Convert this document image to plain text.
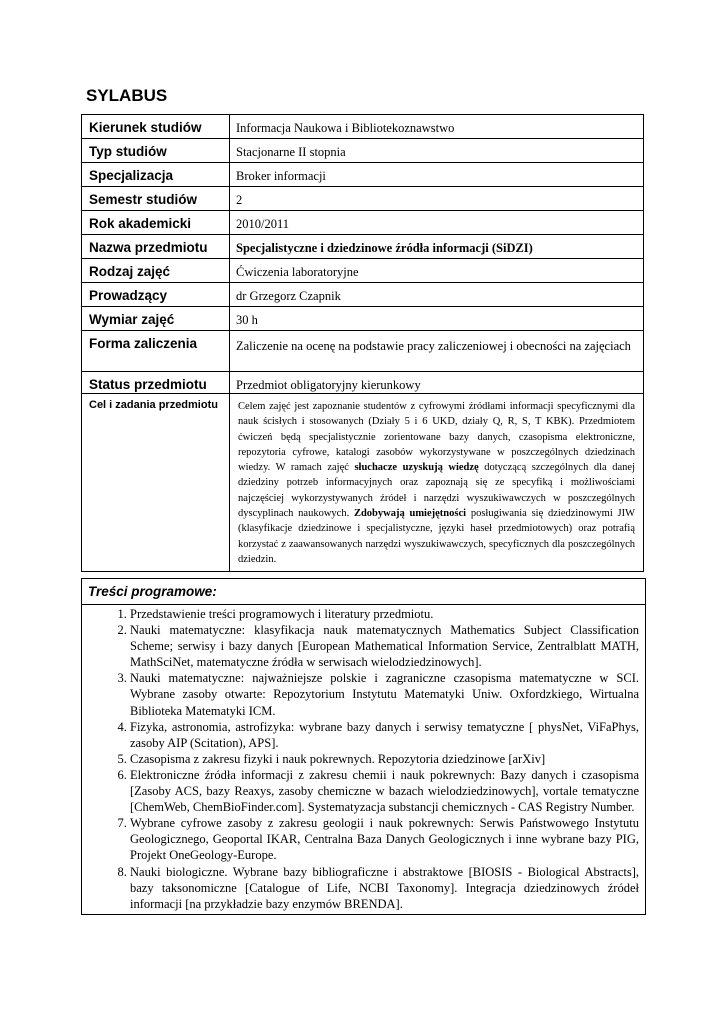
SYLABUS
Kierunek studiów	Informacja Naukowa i Bibliotekoznawstwo
Typ studiów	Stacjonarne II stopnia
Specjalizacja	Broker informacji
Semestr studiów	2
Rok akademicki	2010/2011
Nazwa przedmiotu	Specjalistyczne i dziedzinowe źródła informacji (SiDZI)
Rodzaj zajęć	Ćwiczenia laboratoryjne
Prowadzący	dr Grzegorz Czapnik
Wymiar zajęć	30 h
Forma zaliczenia	Zaliczenie na ocenę na podstawie pracy zaliczeniowej i obecności na zajęciach
Status przedmiotu	Przedmiot obligatoryjny kierunkowy
Cel i zadania przedmiotu	Celem zajęć jest zapoznanie studentów z cyfrowymi źródłami informacji specyficznymi dla nauk ścisłych i stosowanych (Działy 5 i 6 UKD, działy Q, R, S, T KBK). Przedmiotem ćwiczeń będą specjalistycznie zorientowane bazy danych, czasopisma elektroniczne, repozytoria cyfrowe, katalogi zasobów wykorzystywane w poszczególnych dziedzinach wiedzy. W ramach zajęć słuchacze uzyskują wiedzę dotyczącą szczególnych dla danej dziedziny potrzeb informacyjnych oraz zapoznają się ze specyfiką i możliwościami najczęściej wykorzystywanych źródeł i narzędzi wyszukiwawczych w poszczególnych dyscyplinach naukowych. Zdobywają umiejętności posługiwania się dziedzinowymi JIW (klasyfikacje dziedzinowe i specjalistyczne, języki haseł przedmiotowych) oraz potrafią korzystać z zaawansowanych narzędzi wyszukiwawczych, specyficznych dla poszczególnych dziedzin.
Treści programowe:
1. Przedstawienie treści programowych i literatury przedmiotu.
2. Nauki matematyczne: klasyfikacja nauk matematycznych Mathematics Subject Classification Scheme; serwisy i bazy danych [European Mathematical Information Service, Zentralblatt MATH, MathSciNet, matematyczne źródła w serwisach wielodziedzinowych].
3. Nauki matematyczne: najważniejsze polskie i zagraniczne czasopisma matematyczne w SCI. Wybrane zasoby otwarte: Repozytorium Instytutu Matematyki Uniw. Oxfordzkiego, Wirtualna Biblioteka Matematyki ICM.
4. Fizyka, astronomia, astrofizyka: wybrane bazy danych i serwisy tematyczne [ physNet, ViFaPhys, zasoby AIP (Scitation), APS].
5. Czasopisma z zakresu fizyki i nauk pokrewnych. Repozytoria dziedzinowe [arXiv]
6. Elektroniczne źródła informacji z zakresu chemii i nauk pokrewnych: Bazy danych i czasopisma [Zasoby ACS, bazy Reaxys, zasoby chemiczne w bazach wielodziedzinowych], vortale tematyczne [ChemWeb, ChemBioFinder.com]. Systematyzacja substancji chemicznych - CAS Registry Number.
7. Wybrane cyfrowe zasoby z zakresu geologii i nauk pokrewnych: Serwis Państwowego Instytutu Geologicznego, Geoportal IKAR, Centralna Baza Danych Geologicznych i inne wybrane bazy PIG, Projekt OneGeology-Europe.
8. Nauki biologiczne. Wybrane bazy bibliograficzne i abstraktowe [BIOSIS - Biological Abstracts], bazy taksonomiczne [Catalogue of Life, NCBI Taxonomy]. Integracja dziedzinowych źródeł informacji [na przykładzie bazy enzymów BRENDA].
